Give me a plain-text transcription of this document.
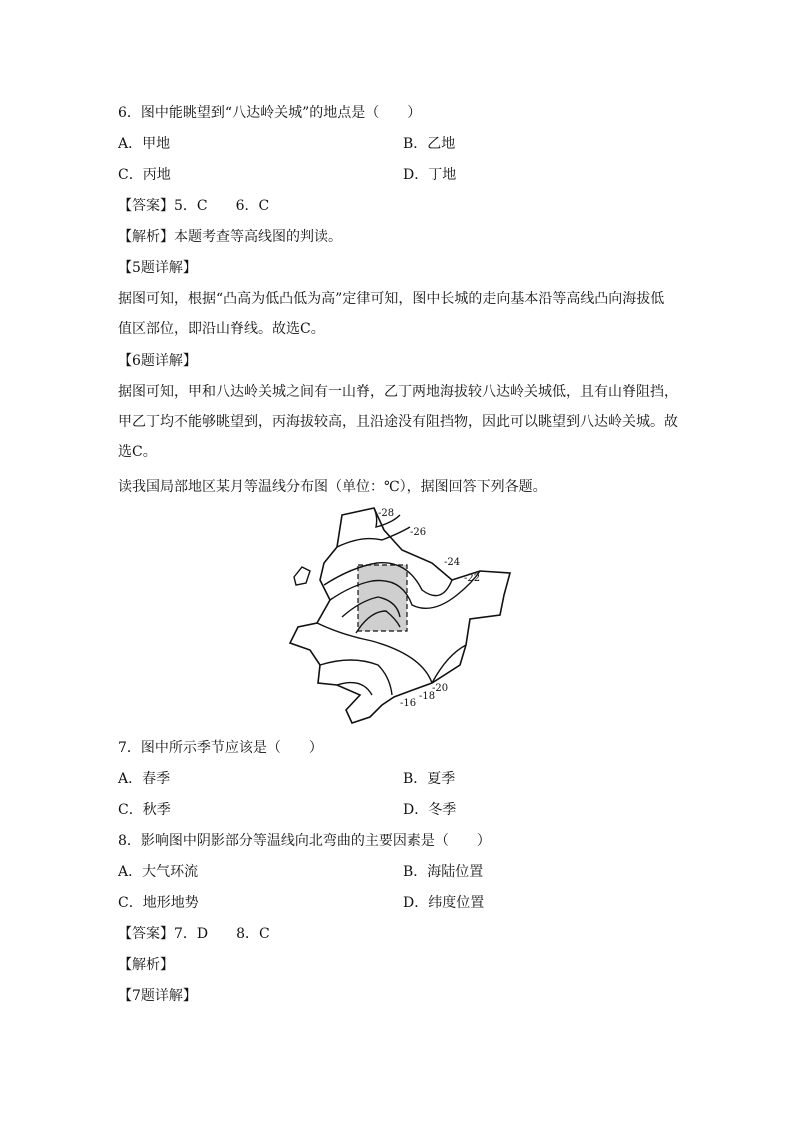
6．图中能眺望到“八达岭关城”的地点是（　　）
A．甲地	B．乙地
C．丙地	D．丁地
【答案】5．C　　6．C
【解析】本题考查等高线图的判读。
【5题详解】
据图可知，根据“凸高为低凸低为高”定律可知，图中长城的走向基本沿等高线凸向海拔低值区部位，即沿山脊线。故选C。
【6题详解】
据图可知，甲和八达岭关城之间有一山脊，乙丁两地海拔较八达岭关城低，且有山脊阻挡，甲乙丁均不能够眺望到，丙海拔较高，且沿途没有阻挡物，因此可以眺望到八达岭关城。故选C。
读我国局部地区某月等温线分布图（单位：℃），据图回答下列各题。
-28
-26
-24
-22
-20
-18
-16
7．图中所示季节应该是（　　）
A．春季	B．夏季
C．秋季	D．冬季
8．影响图中阴影部分等温线向北弯曲的主要因素是（　　）
A．大气环流	B．海陆位置
C．地形地势	D．纬度位置
【答案】7．D　　8．C
【解析】
【7题详解】
